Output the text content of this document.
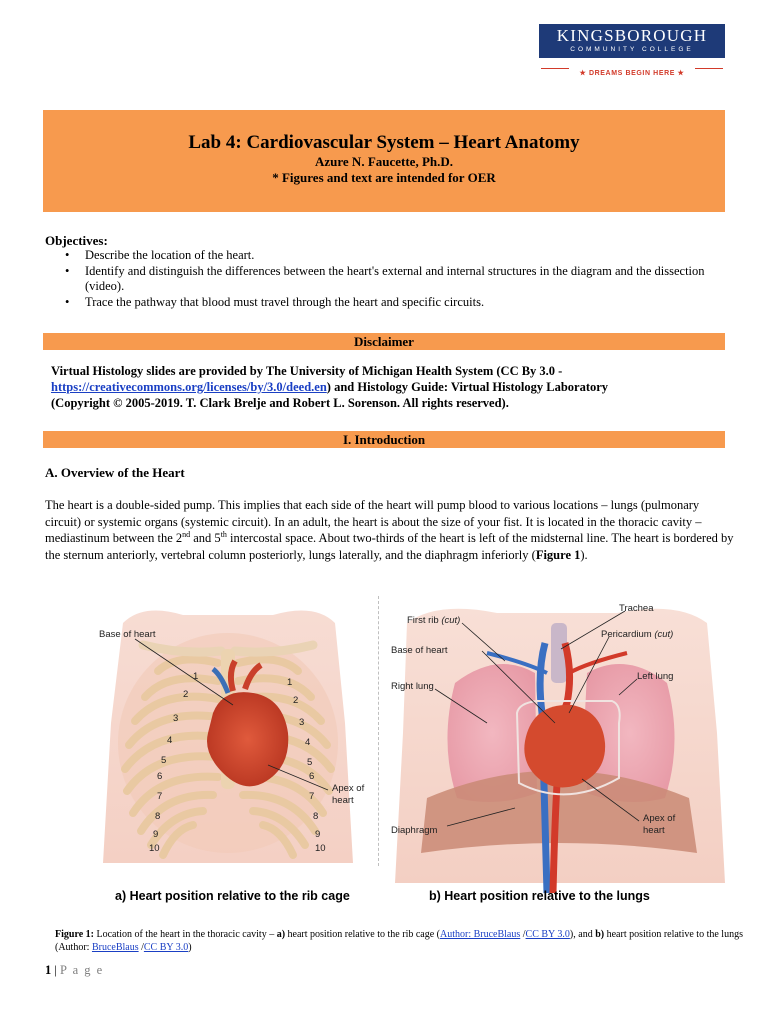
KINGSBOROUGH
COMMUNITY COLLEGE
★ DREAMS BEGIN HERE ★
Lab 4: Cardiovascular System – Heart Anatomy
Azure N. Faucette, Ph.D.
* Figures and text are intended for OER
Objectives:
• Describe the location of the heart.
• Identify and distinguish the differences between the heart's external and internal structures in the diagram and the dissection (video).
• Trace the pathway that blood must travel through the heart and specific circuits.
Disclaimer
Virtual Histology slides are provided by The University of Michigan Health System (CC By 3.0 -
https://creativecommons.org/licenses/by/3.0/deed.en) and Histology Guide: Virtual Histology Laboratory
(Copyright © 2005-2019. T. Clark Brelje and Robert L. Sorenson. All rights reserved).
I. Introduction
A. Overview of the Heart
The heart is a double-sided pump. This implies that each side of the heart will pump blood to various locations – lungs (pulmonary circuit) or systemic organs (systemic circuit). In an adult, the heart is about the size of your fist. It is located in the thoracic cavity – mediastinum between the 2nd and 5th intercostal space. About two-thirds of the heart is left of the midsternal line. The heart is bordered by the sternum anteriorly, vertebral column posteriorly, lungs laterally, and the diaphragm inferiorly (Figure 1).
Base of heart
Apex of
heart
1
2
3
4
5
6
7
8
9
10
1
2
3
4
5
6
7
8
9
10
First rib (cut)
Trachea
Pericardium (cut)
Base of heart
Right lung
Left lung
Apex of
heart
Diaphragm
a) Heart position relative to the rib cage	b) Heart position relative to the lungs
Figure 1: Location of the heart in the thoracic cavity – a) heart position relative to the rib cage (Author: BruceBlaus /CC BY 3.0), and b) heart position relative to the lungs (Author: BruceBlaus /CC BY 3.0)
1 | P a g e
